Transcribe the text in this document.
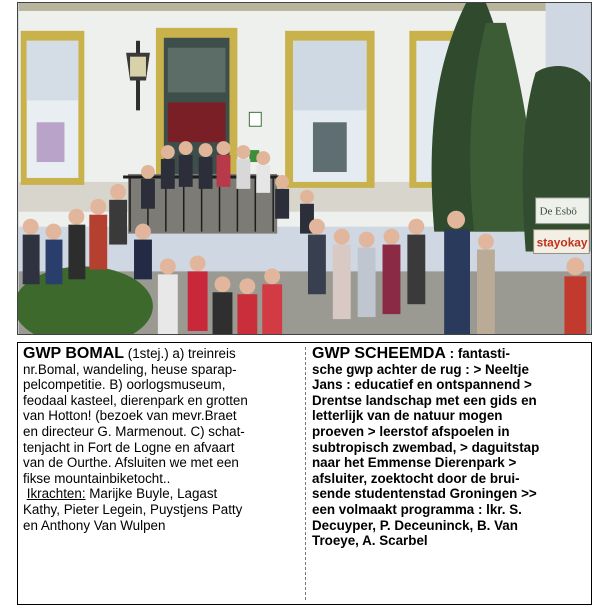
De Esbö
stayokay
GWP BOMAL (1stej.) a) treinreis
nr.Bomal, wandeling, heuse sparap-
pelcompetitie. B) oorlogsmuseum,
feodaal kasteel, dierenpark en grotten
van Hotton! (bezoek van mevr.Braet
en directeur G. Marmenout. C) schat-
tenjacht in Fort de Logne en afvaart
van de Ourthe. Afsluiten we met een
fikse mountainbiketocht..
Ikrachten: Marijke Buyle, Lagast
Kathy, Pieter Legein, Puystjens Patty
en Anthony Van Wulpen
GWP SCHEEMDA : fantasti-
sche gwp achter de rug : > Neeltje
Jans : educatief en ontspannend >
Drentse landschap met een gids en
letterlijk van de natuur mogen
proeven > leerstof afspoelen in
subtropisch zwembad, > daguitstap
naar het Emmense Dierenpark >
afsluiter, zoektocht door de brui-
sende studentenstad Groningen >>
een volmaakt programma : lkr. S.
Decuyper, P. Deceuninck, B. Van
Troeye, A. Scarbel
